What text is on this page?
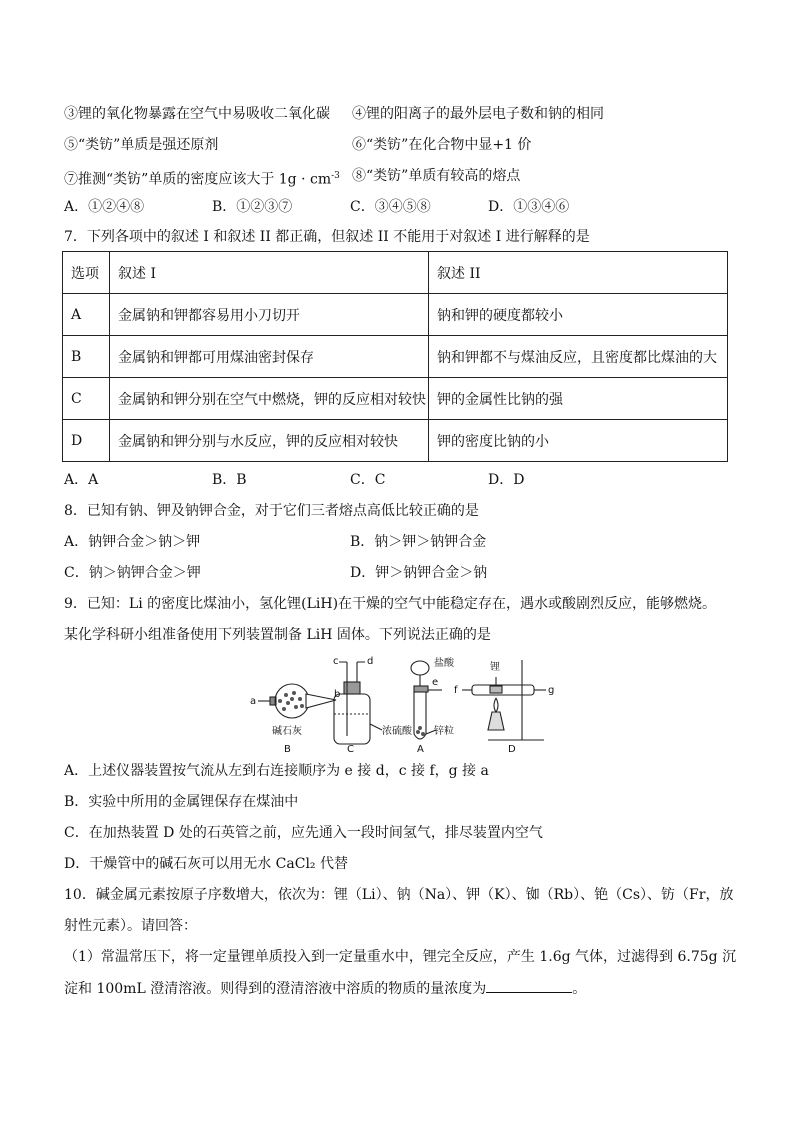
③锂的氧化物暴露在空气中易吸收二氧化碳 ④锂的阳离子的最外层电子数和钠的相同
⑤“类钫”单质是强还原剂	⑥“类钫”在化合物中显+1 价
⑦推测“类钫”单质的密度应该大于 $1g \cdot cm^{-3}$ ⑧“类钫”单质有较高的熔点
A．①②④⑧	B．①②③⑦	C．③④⑤⑧	D．①③④⑥
7．下列各项中的叙述 I 和叙述 II 都正确，但叙述 II 不能用于对叙述 I 进行解释的是
选项	叙述 I	叙述 II
A	金属钠和钾都容易用小刀切开	钠和钾的硬度都较小
B	金属钠和钾都可用煤油密封保存	钠和钾都不与煤油反应，且密度都比煤油的大
C	金属钠和钾分别在空气中燃烧，钾的反应相对较快	钾的金属性比钠的强
D	金属钠和钾分别与水反应，钾的反应相对较快	钾的密度比钠的小
A．A	B．B	C．C	D．D
8．已知有钠、钾及钠钾合金，对于它们三者熔点高低比较正确的是
A．钠钾合金＞钠＞钾	B．钠＞钾＞钠钾合金
C．钠＞钠钾合金＞钾	D．钾＞钠钾合金＞钠
9．已知：Li 的密度比煤油小，氢化锂(LiH)在干燥的空气中能稳定存在，遇水或酸剧烈反应，能够燃烧。
某化学科研小组准备使用下列装置制备 LiH 固体。下列说法正确的是
a
b
c	d
e
f	g
碱石灰	浓硫酸
盐酸
锌粒
锂
B	C	A	D
A．上述仪器装置按气流从左到右连接顺序为 e 接 d，c 接 f，g 接 a
B．实验中所用的金属锂保存在煤油中
C．在加热装置 D 处的石英管之前，应先通入一段时间氢气，排尽装置内空气
D．干燥管中的碱石灰可以用无水 CaCl₂ 代替
10．碱金属元素按原子序数增大，依次为：锂（Li）、钠（Na）、钾（K）、铷（Rb）、铯（Cs）、钫（Fr，放
射性元素）。请回答：
（1）常温常压下，将一定量锂单质投入到一定量重水中，锂完全反应，产生 1.6g 气体，过滤得到 6.75g 沉
淀和 100mL 澄清溶液。则得到的澄清溶液中溶质的物质的量浓度为	。
